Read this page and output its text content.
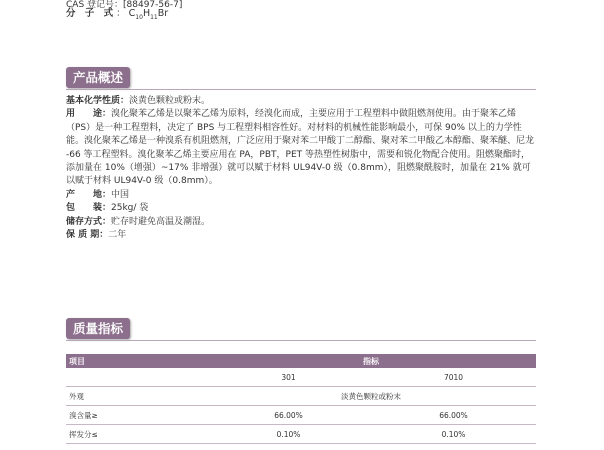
CAS 登记号：[88497-56-7]
分 子 式： $C_{10}H_{11}Br$
产品概述

基本化学性质：淡黄色颗粒或粉末。

用　　途：溴化聚苯乙烯是以聚苯乙烯为原料，经溴化而成，主要应用于工程塑料中做阻燃剂使用。由于聚苯乙烯（PS）是一种工程塑料，决定了 BPS 与工程塑料相容性好。对材料的机械性能影响最小，可保 90% 以上的力学性能。溴化聚苯乙烯是一种溴系有机阻燃剂，广泛应用于聚对苯二甲酸丁二醇酯、聚对苯二甲酸乙本醇酯、聚苯醚、尼龙 -66 等工程塑料。溴化聚苯乙烯主要应用在 PA，PBT，PET 等热塑性树脂中，需要和锐化物配合使用。阻燃聚酯时，添加量在 10%（增强）~17% 非增强）就可以赋于材料 UL94V-0 级（0.8mm），阻燃聚酰胺时，加量在 21% 就可以赋于材料 UL94V-0 级（0.8mm）。

产　　地：中国

包　　装：25kg/ 袋

储存方式：贮存时避免高温及潮湿。

保 质 期：二年

质量指标
项目	指标	
	301	7010
外观	淡黄色颗粒或粉末	
溴含量≥	66.00%	66.00%
挥发分≤	0.10%	0.10%
